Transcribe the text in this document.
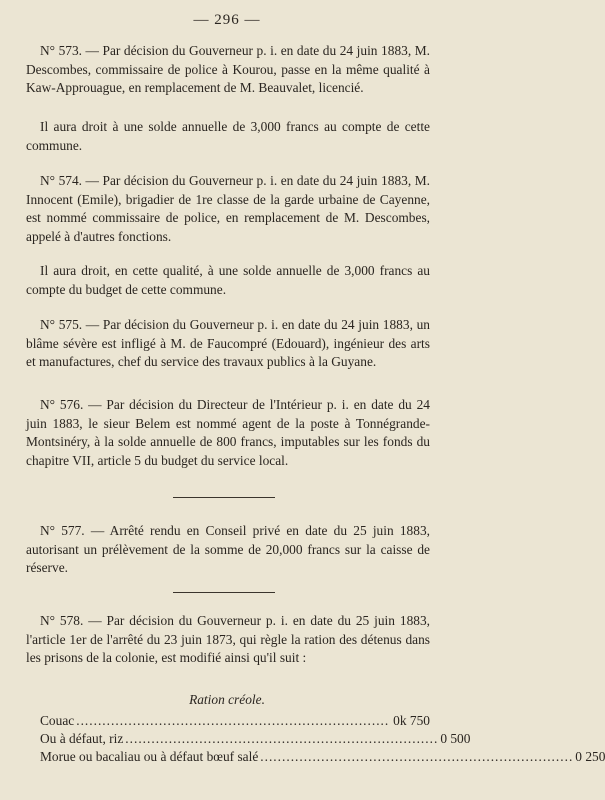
— 296 —

N° 573. — Par décision du Gouverneur p. i. en date du 24 juin 1883, M. Descombes, commissaire de police à Kourou, passe en la même qualité à Kaw-Approuague, en remplacement de M. Beauvalet, licencié.

Il aura droit à une solde annuelle de 3,000 francs au compte de cette commune.

N° 574. — Par décision du Gouverneur p. i. en date du 24 juin 1883, M. Innocent (Emile), brigadier de 1re classe de la garde urbaine de Cayenne, est nommé commissaire de police, en remplacement de M. Descombes, appelé à d'autres fonctions.

Il aura droit, en cette qualité, à une solde annuelle de 3,000 francs au compte du budget de cette commune.

N° 575. — Par décision du Gouverneur p. i. en date du 24 juin 1883, un blâme sévère est infligé à M. de Faucompré (Edouard), ingénieur des arts et manufactures, chef du service des travaux publics à la Guyane.

N° 576. — Par décision du Directeur de l'Intérieur p. i. en date du 24 juin 1883, le sieur Belem est nommé agent de la poste à Tonnégrande-Montsinéry, à la solde annuelle de 800 francs, imputables sur les fonds du chapitre VII, article 5 du budget du service local.

N° 577. — Arrêté rendu en Conseil privé en date du 25 juin 1883, autorisant un prélèvement de la somme de 20,000 francs sur la caisse de réserve.

N° 578. — Par décision du Gouverneur p. i. en date du 25 juin 1883, l'article 1er de l'arrêté du 23 juin 1873, qui règle la ration des détenus dans les prisons de la colonie, est modifié ainsi qu'il suit :

Ration créole.
Couac ........................................................................ 0k 750
Ou à défaut, riz ........................................................................ 0 500
Morue ou bacaliau ou à défaut bœuf salé ........................................................................ 0 250
